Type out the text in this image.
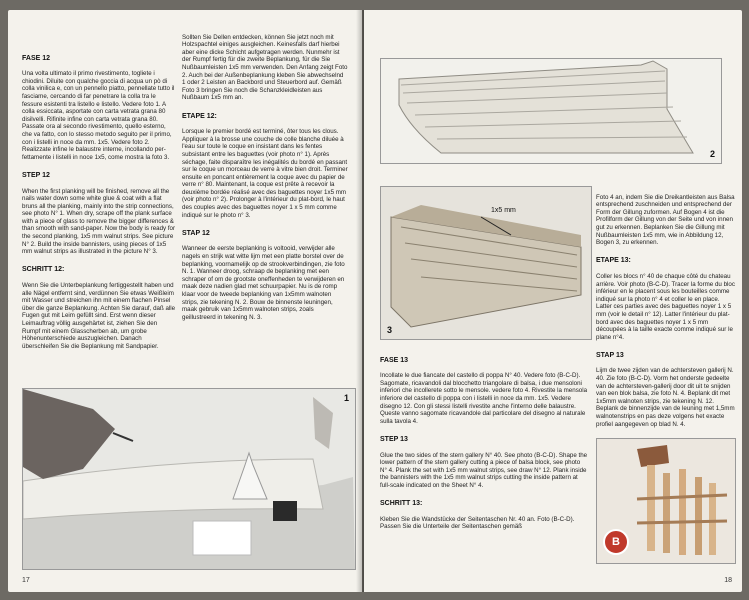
FASE 12

Una volta ultimato il primo rivestimento, togliete i chiodini. Diluite con qualche goccia di acqua un pò di colla vinilica e, con un pennello piatto, pennellate tutto il fasciame, cercando di far penetrare la colla tra le fessure esistenti tra listello e listello. Vedere foto 1. A colla essiccata, asportate con carta vetrata grana 80 disilvelli. Rifinite infine con carta vetrata grana 80. Passate ora al secondo rivestimento, quello esterno, che va fatto, con lo stesso metodo seguito per il primo, con i listelli in noce da mm. 1x5. Vedere foto 2. Realizzate infine le balaustre interne, incollando per-fettamente i listelli in noce 1x5, come mostra la foto 3.

STEP 12

When the first planking will be finished, remove all the nails water down some white glue & coat with a flat bruns all the planking, mainly into the strip connections, see photo N° 1. When dry, scrape off the plank surface with a piece of glass to remove the bigger differences & than smooth with sand-paper. Now the body is ready for the second planking, 1x5 mm walnut strips. See picture N° 2. Build the inside bannisters, using pieces of 1x5 mm walnut strips as illustrated in the picture N° 3.

SCHRITT 12:

Wenn Sie die Unterbeplankung fertiggestellt haben und alle Nägel entfernt sind, verdünnen Sie etwas Weißleim mit Wasser und streichen ihn mit einem flachen Pinsel über die ganze Beplankung. Achten Sie darauf, daß alle Fugen gut mit Leim gefüllt sind. Erst wenn dieser Leimauftrag völlig ausgehärtet ist, ziehen Sie den Rumpf mit einem Glasscherben ab, um grobe Höhenunterschiede auszugleichen. Danach überschleifen Sie die Beplankung mit Sandpapier.

Sollten Sie Dellen entdecken, können Sie jetzt noch mit Holzspachtel einiges ausgleichen. Keinesfalls darf hierbei aber eine dicke Schicht aufgetragen werden. Nunmehr ist der Rumpf fertig für die zweite Beplankung, für die Sie Nußbaumleisten 1x5 mm verwenden. Den Anfang zeigt Foto 2. Auch bei der Außenbeplankung kleben Sie abwechselnd 1 oder 2 Leisten an Backbord und Steuerbord auf. Gemäß Foto 3 bringen Sie noch die Schanzkleidleisten aus Nußbaum 1x5 mm an.

ETAPE 12:

Lorsque le premier bordé est terminé, ôter tous les clous. Appliquer à la brosse une couche de colle blanche diluée à l'eau sur toute le coque en insistant dans les fentes subsistant entre les baguettes (voir photo n° 1). Après séchage, faite disparaître les inégalités du bordé en passant sur le coque un morceau de verre à vitre bien droit. Terminer ensuite en poncant entièrement la coque avec du papier de verre n° 80. Maintenant, la coque est prête à recevoir la deuxième bordée réalisé avec des baguettes noyer 1x5 mm (voir photo n° 2). Prolonger à l'intérieur du plat-bord, le haut des couples avec des baguettes noyer 1 x 5 mm comme indiqué sur le photo n° 3.

STAP 12

Wanneer de eerste beplanking is voltooid, verwijder alle nagels en strijk wat witte lijm met een platte borstel over de beplanking, voornamelijk op de strookverbindingen, zie foto N. 1. Wanneer droog, schraap de beplanking met een schraper of om de grootste oneffenheden te verwijderen en maak deze nadien glad met schuurpapier. Nu is de romp klaar voor de tweede beplanking van 1x5mm walnoten strips, zie tekening N. 2. Bouw de binnenste leuningen, maak gebruik van 1x5mm walnoten strips, zoals geillustreerd in tekening N. 3.

1
17
2
1x5 mm
3

Foto 4 an, indem Sie die Dreikantleisten aus Balsa entsprechend zuschneiden und entsprechend der Form der Gillung zuformen. Auf Bogen 4 ist die Profilform der Gillung von der Seite und von innen gut zu erkennen. Beplanken Sie die Gillung mit Nußbaumleisten 1x5 mm, wie in Abbildung 12, Bogen 3, zu erkennen.

ETAPE 13:

Coller les blocs n° 40 de chaque côté du chateau arrière. Voir photo (B-C-D). Tracer la forme du bloc inférieur en le placent sous les bouteilles comme indiqué sur la photo n° 4 et coller le en place. Latter ces parties avec des baguettes noyer 1 x 5 mm (voir le detail n° 12). Latter l'intérieur du plat-bord avec des baguettes noyer 1 x 5 mm découpées à la taille exacte comme indiqué sur le plane n°4.

STAP 13

Lijm de twee zijden van de achtersteven gallerij N. 40. Zie foto (B-C-D). Vorm het onderste gedeelte van de achtersteven-gallerij door dit uit te snijden van een blok balsa, zie foto N. 4. Beplank dit met 1x5mm walnoten strips, zie tekening N. 12. Beplank de binnenzijde van de leuning met 1,5mm walnotenstrips en pas deze volgens het exacte profiel aangegeven op blad N. 4.

FASE 13

Incollate le due fiancate del castello di poppa N° 40. Vedere foto (B-C-D). Sagomate, ricavandoli dal blocchetto triangolare di balsa, i due mensoloni inferiori che incollerete sotto le mensole. vedere foto 4. Rivestite la mensola inferiore del castello di poppa con i listelli in noce da mm. 1x5. Vedere disegno 12. Con gli stessi listelli rivestite anche l'interno delle balaustre. Queste vanno sagomate ricavandole dal particolare del disegno al naturale sulla tavola 4.

STEP 13

Glue the two sides of the stern gallery N° 40. See photo (B-C-D). Shape the lower pattern of the stern gallery cutting a piece of balsa block, see photo N° 4. Plank the set with 1x5 mm walnut strips, see draw N° 12. Plank inside the bannisters with the 1x5 mm walnut strips cutting the inside pattern at full-scale indicated on the Sheet N° 4.

SCHRITT 13:

Kleben Sie die Wandstücke der Seitentaschen Nr. 40 an. Foto (B-C-D). Passen Sie die Unterteile der Seitentaschen gemäß

B
18
